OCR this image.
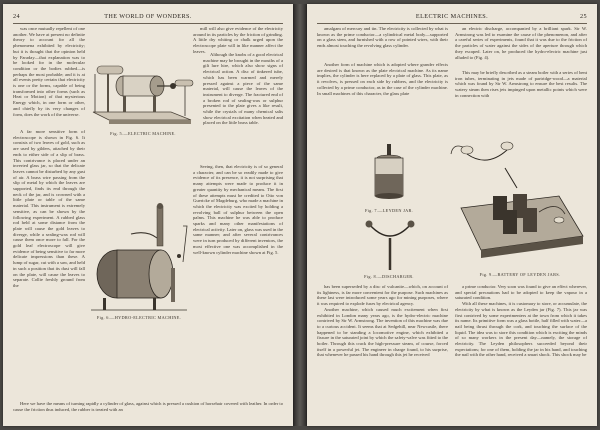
24	THE WORLD OF WONDERS.

was once mutually repellent of one another. We have at present no definite theory to account for all the phenomena exhibited by electricity; but it is thought that the opinion held by Faraday—that explanation was to be looked for in the molecular condition or the bodies rubbed—is perhaps the most probable; and it is at all events pretty certain that electricity is one or the forms, capable of being transformed into other forms (such as Heat or Motion) of that mysterious Energy which, in one form or other, and chiefly by its very changes of form, does the work of the universe.

A far more sensitive form of electroscope is shown in Fig. 6. It consists of two leaves of gold, such as are used by gilders, attached by their ends to either side of a slip of brass. This contrivance is placed under an inverted glass jar, so that the delicate leaves cannot be disturbed by any gust of air. A brass wire passing from the slip of metal by which the leaves are supported, finds its end through the neck of the jar, and is crowned with a little plate or table of the same material. This instrument is extremely sensitive, as can be shown by the following experiment. A rubbed glass rod held at some distance from the plate will cause the gold leaves to diverge, while a sealing-wax rod will cause them once more to fall. For the gold leaf electroscope will give evidence of being sensitive to far more delicate impressions than these. A lump of sugar, cut with a saw, and held in such a position that its dust will fall on the plate, will cause the leaves to separate. Collie freshly ground from the

mill will also give evidence of the electricity around in its particles by the friction of grinding. A little dry whiting or chalk urged upon the electroscope plate will in like manner affect the leaves.

Although the knobs of a good electrical machine may be brought in the mouths of a gilt lure hire, which also show signs of electrical action. A disc of tinkered tube, which has been warmed and merely pressed against a piece of the same material, will cause the leaves of the instrument to diverge. The fractured end of a broken rod of sealing-wax or sulphur presented to the plate gives a like result, while the crystals of many chemical salts show electrical excitation when heated and placed on the little brass table.

Seeing, then, that electricity is of so general a character, and can be so readily made to give evidence of its presence, it is not surprising that many attempts were made to produce it in greater quantity by mechanical means. The first of these attempts must be credited to Otto von Guericke of Magdeburg, who made a machine in which the electricity was excited by holding a revolving ball of sulphur between the open palms. This machine he was able to produce sparks and many other manifestations of electrical activity. Later on, glass was used in the same manner; and after several contrivances were in turn produced by different inventors, the most effective one was accomplished in the well-known cylinder machine shown at Fig. 5.

Here we have the means of turning rapidly a cylinder of glass, against which is pressed a cushion of horsehair covered with leather. In order to cause the friction thus induced, the rubber is treated with an

Fig. 5.—ELECTRIC MACHINE.
Fig. 6.—HYDRO-ELECTRIC MACHINE.
ELECTRIC MACHINES.	25

amalgam of mercury and tin. The electricity is collected by what is known as the prime conductor—a cylindrical metal body—supported on a glass stem, and furnished with a row of pointed wires, with their ends almost touching the revolving glass cylinder.

Another form of machine which is adopted where grander effects are desired is that known as the plate electrical machine. As its name implies, the cylinder is here replaced by a plate of glass. This plate, as it revolves, is pressed on each side by rubbers, and the electricity is collected by a prime conductor, as in the case of the cylinder machine. In small machines of this character, the glass plate

an electric discharge, accompanied by a brilliant spark. Sir W. Armstrong was led to examine the cause of the phenomenon, and after a careful series of experiments, found that it was due to the friction of the particles of water against the sides of the aperture through which they escaped. Later on, he produced the hydro-electric machine just alluded to (Fig. 4).

This may be briefly described as a steam boiler with a series of bent iron tubes, terminating in jets made of partridge-wood—a material which was found by Sir W. Armstrong to ensure the best results. The watery steam then rises jets impinged upon metallic points which were in connection with

Fig. 7.—LEYDEN JAR.
Fig. 8.—DISCHARGER.	Fig. 9.—BATTERY OF LEYDEN JARS.

has been superseded by a disc of vulcanite—which, on account of its lightness, is far more convenient for the purpose. Such machines as these last were introduced some years ago for mining purposes, where it was required to explode fuses by electrical agency.

Another machine, which caused much excitement when first exhibited in London many years ago, is the hydro-electric machine contrived by Sir W. Armstrong. The invention of this machine was due to a curious accident. It seems that at Sedgehill, near Newcastle, there happened to be standing a locomotive engine, which exhibited a fissure in the saturated joint by which the safety-valve was fitted to the boiler. Through this crack the high-pressure steam, of course, forced itself in a powerful jet. The engineer in charge found, to his surprise, that whenever he passed his hand through this jet he received

a prime conductor. Very soon was found to give an effect wherever, and special precautions had to be adopted to keep the vapour in a saturated condition.

With all these machines, it is customary to store, or accumulate, the electricity by what is known as the Leyden jar (Fig. 7). This jar was first contrived by some experimenters at the town from which it takes its name. Its primitive form was a glass bottle, half filled with water—a nail being thrust through the cork, and touching the surface of the liquid. The idea was to store this condition which is exciting the minds of so many workers in the present day—namely, the storage of electricity. The Leyden philosophers succeeded beyond their expectations; for one of them, holding the jar in his hand, and touching the nail with the other hand, received a smart shock. This shock may be
